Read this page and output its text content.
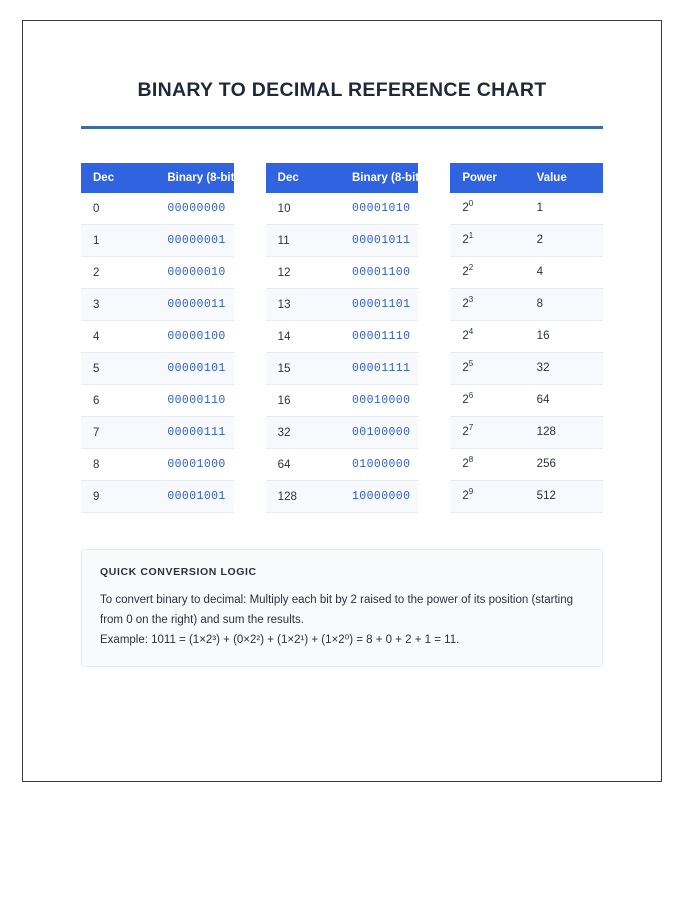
BINARY TO DECIMAL REFERENCE CHART
Dec	Binary (8-bit)
0	00000000
1	00000001
2	00000010
3	00000011
4	00000100
5	00000101
6	00000110
7	00000111
8	00001000
9	00001001
Dec	Binary (8-bit)
10	00001010
11	00001011
12	00001100
13	00001101
14	00001110
15	00001111
16	00010000
32	00100000
64	01000000
128	10000000
Power	Value
$2^0$	1
$2^1$	2
$2^2$	4
$2^3$	8
$2^4$	16
$2^5$	32
$2^6$	64
$2^7$	128
$2^8$	256
$2^9$	512
QUICK CONVERSION LOGIC

To convert binary to decimal: Multiply each bit by 2 raised to the power of its position (starting from 0 on the right) and sum the results.

Example: 1011 = (1×2³) + (0×2²) + (1×2¹) + (1×2⁰) = 8 + 0 + 2 + 1 = 11.
